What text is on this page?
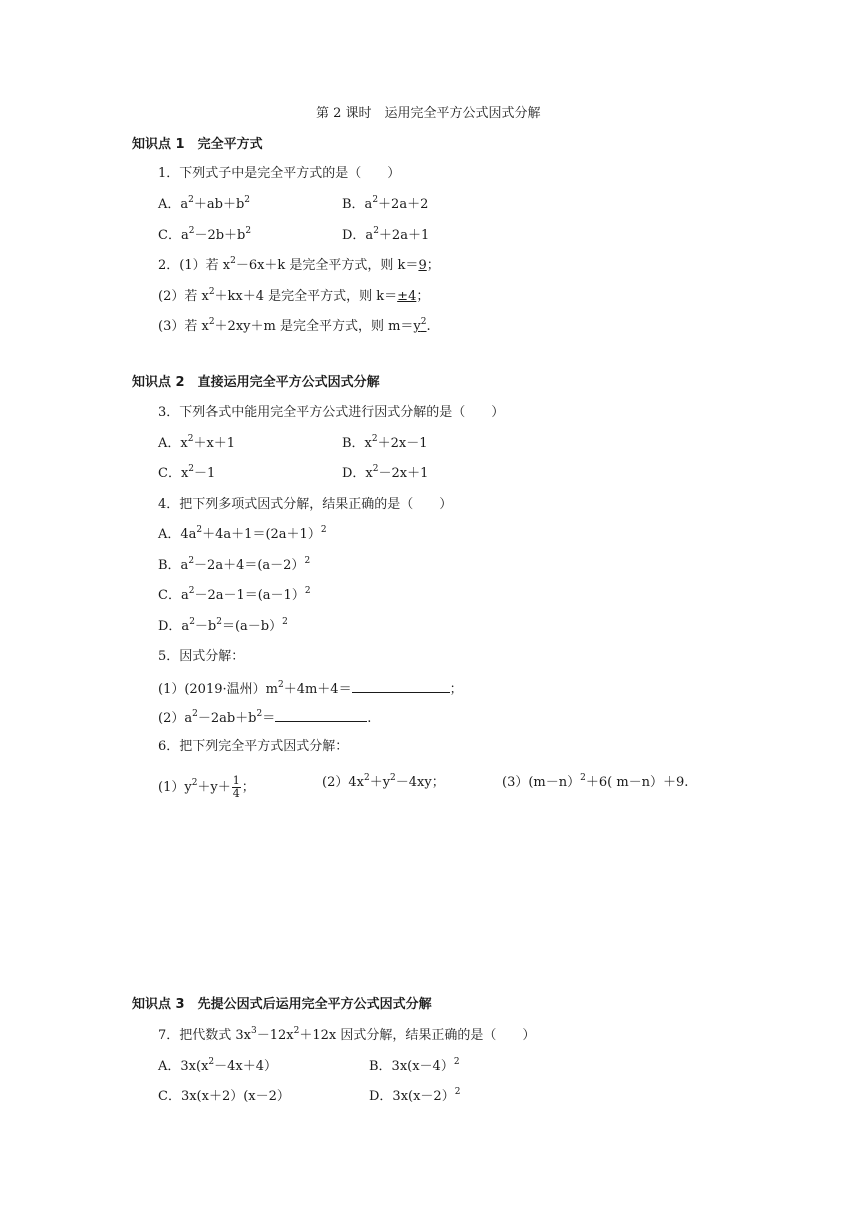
第 2 课时　运用完全平方公式因式分解
知识点 1　完全平方式
1．下列式子中是完全平方式的是（　　）
A．$a^2+ab+b^2$	B．$a^2+2a+2$
C．$a^2-2b+b^2$	D．$a^2+2a+1$
2．(1）若 $x^2-6x+k$ 是完全平方式，则 k＝9；
(2）若 $x^2+kx+4$ 是完全平方式，则 k＝±4；
(3）若 $x^2+2xy+m$ 是完全平方式，则 $m=y^2$.
知识点 2　直接运用完全平方公式因式分解
3．下列各式中能用完全平方公式进行因式分解的是（　　）
A．$x^2+x+1$	B．$x^2+2x-1$
C．$x^2-1$	D．$x^2-2x+1$
4．把下列多项式因式分解，结果正确的是（　　）
A．$4a^2+4a+1=(2a+1)^2$
B．$a^2-2a+4=(a-2)^2$
C．$a^2-2a-1=(a-1)^2$
D．$a^2-b^2=(a-b)^2$
5．因式分解：
(1）(2019·温州）$m^2+4m+4=$	；
$(2)a^2-2ab+b^2=$	.
6．把下列完全平方式因式分解：
$(1)y^2+y+ \frac{1}{4}$ ；	$(2)4x^2+y^2-4xy$；	(3）(m－n）$^2$＋6( m－n）＋9.
知识点 3　先提公因式后运用完全平方公式因式分解
7．把代数式 $3x^3-12x^2+12x$ 因式分解，结果正确的是（　　）
A．$3x(x^2-4x+4)$	B．3x(x－4）$^2$
C．3x(x＋2）(x－2）	D．3x(x－2）$^2$
